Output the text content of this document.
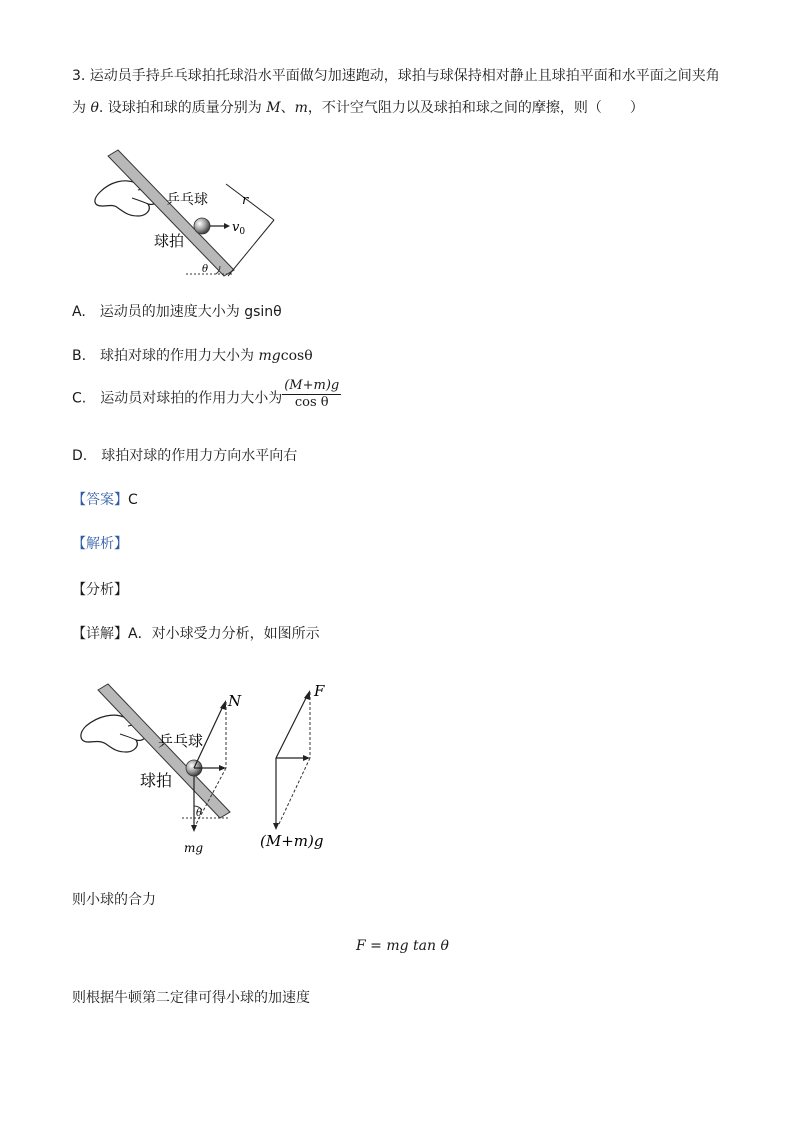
3. 运动员手持乒乓球拍托球沿水平面做匀加速跑动，球拍与球保持相对静止且球拍平面和水平面之间夹角
为 θ. 设球拍和球的质量分别为 M、m，不计空气阻力以及球拍和球之间的摩擦，则（　　）
θ
$v_0$
r
乒乓球
球拍
A.　运动员的加速度大小为 gsinθ
B.　球拍对球的作用力大小为 mgcosθ
C.　运动员对球拍的作用力大小为 $\frac{(M+m)g}{\text{cos θ}}$
D.　球拍对球的作用力方向水平向右
【答案】C
【解析】
【分析】
【详解】A．对小球受力分析，如图所示
N
mg
θ
乒乓球
球拍
F
(M+m)g
则小球的合力
F = mg tan θ
则根据牛顿第二定律可得小球的加速度
